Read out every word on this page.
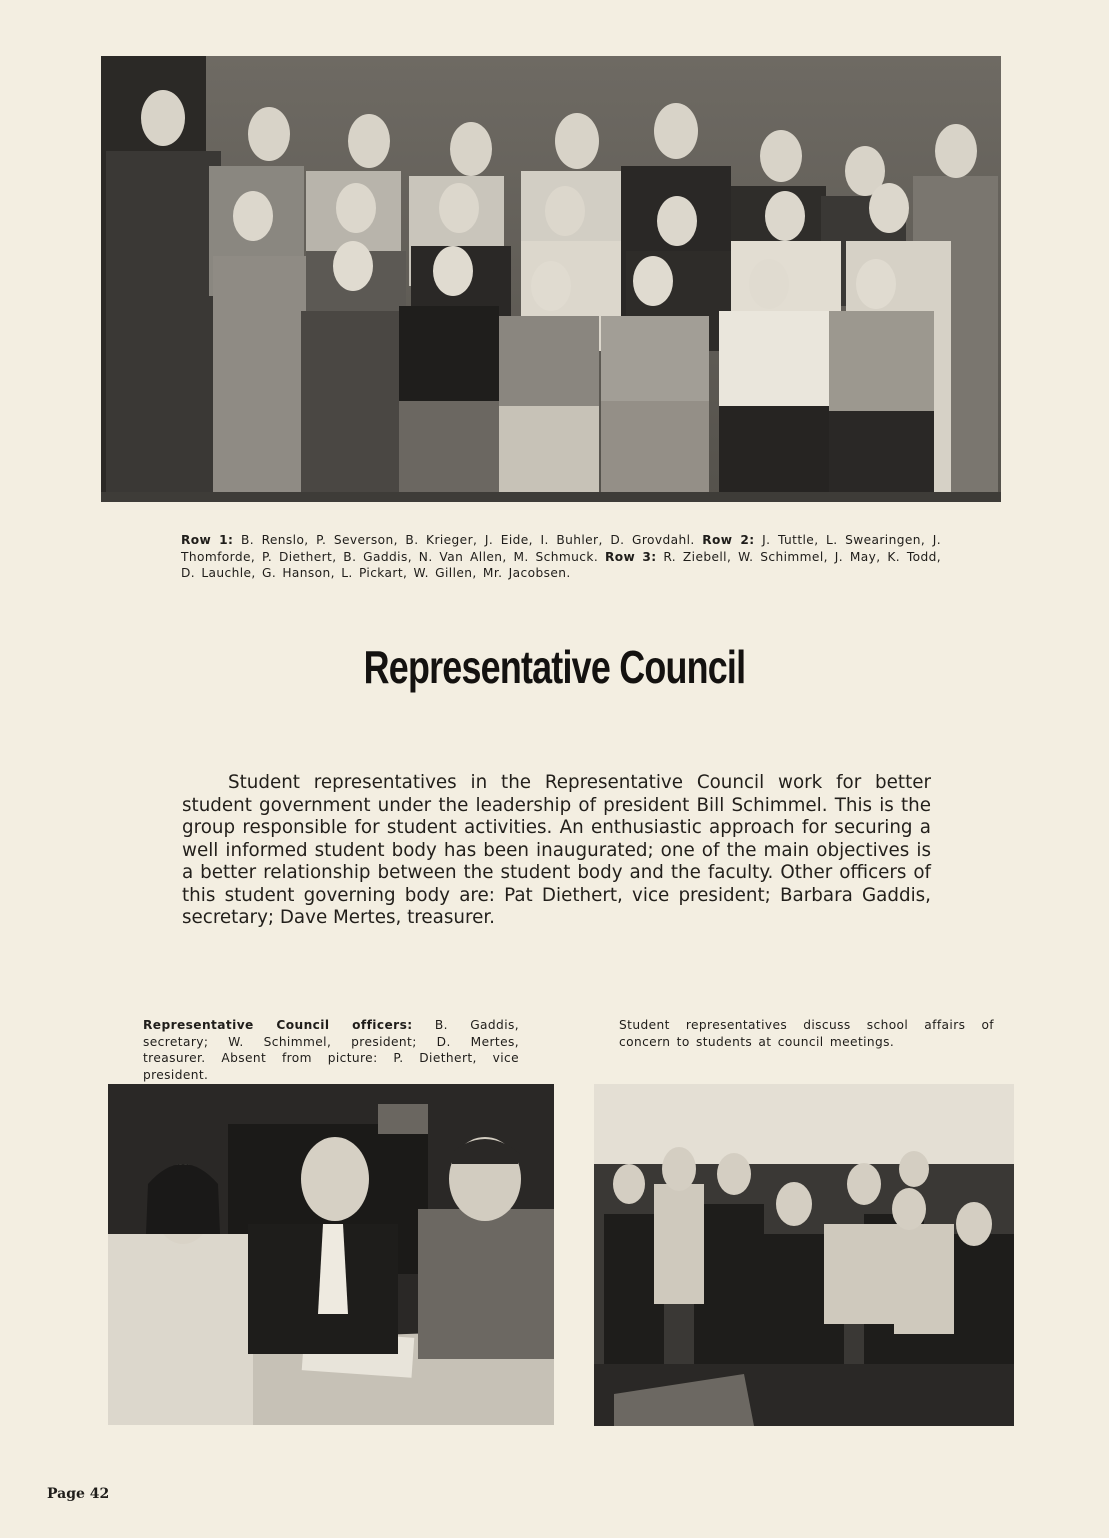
Row 1: B. Renslo, P. Severson, B. Krieger, J. Eide, I. Buhler, D. Grovdahl. Row 2: J. Tuttle, L. Swearingen, J. Thomforde, P. Diethert, B. Gaddis, N. Van Allen, M. Schmuck. Row 3: R. Ziebell, W. Schimmel, J. May, K. Todd, D. Lauchle, G. Hanson, L. Pickart, W. Gillen, Mr. Jacobsen.

Representative Council

Student representatives in the Representative Council work for better student government under the leadership of president Bill Schimmel. This is the group responsible for student activities. An enthusiastic approach for securing a well informed student body has been inaugurated; one of the main objectives is a better relationship between the student body and the faculty. Other officers of this student governing body are: Pat Diethert, vice president; Barbara Gaddis, secretary; Dave Mertes, treasurer.

Representative Council officers: B. Gaddis, secretary; W. Schimmel, president; D. Mertes, treasurer. Absent from picture: P. Diethert, vice president.

Student representatives discuss school affairs of concern to students at council meetings.

Page 42
